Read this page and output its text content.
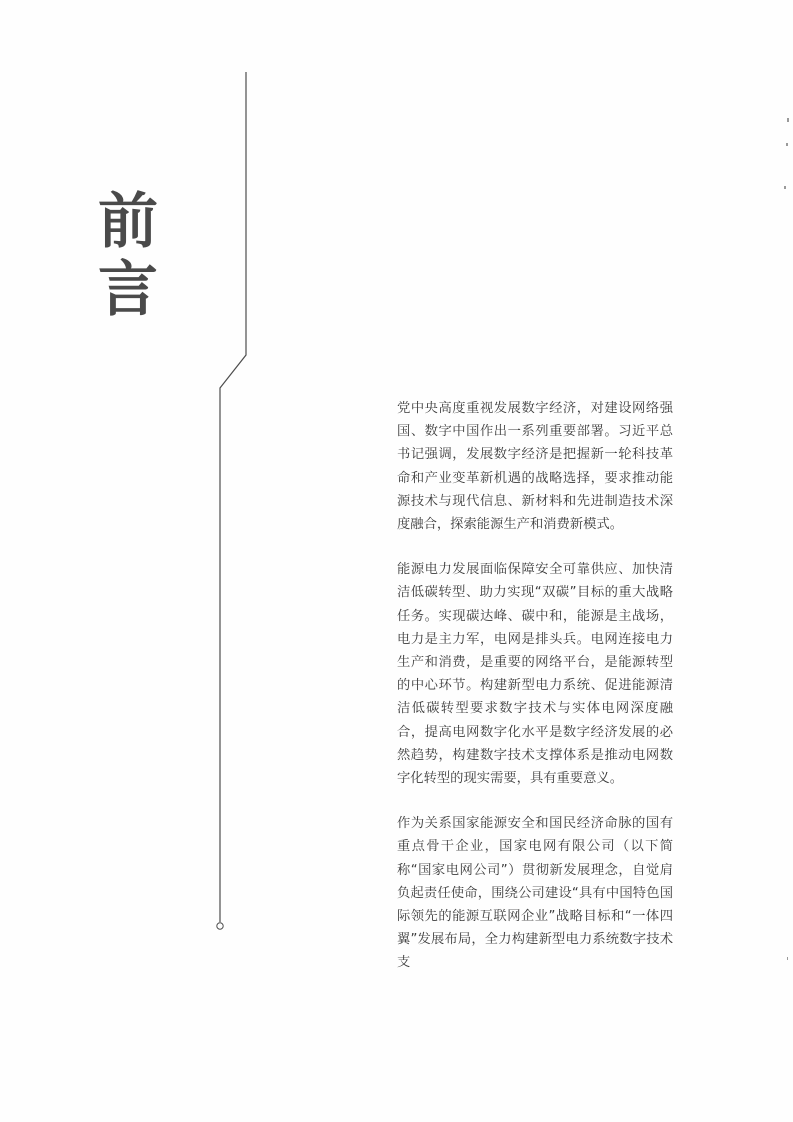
前
言

党中央高度重视发展数字经济，对建设网络强国、数字中国作出一系列重要部署。习近平总书记强调，发展数字经济是把握新一轮科技革命和产业变革新机遇的战略选择，要求推动能源技术与现代信息、新材料和先进制造技术深度融合，探索能源生产和消费新模式。

能源电力发展面临保障安全可靠供应、加快清洁低碳转型、助力实现“双碳”目标的重大战略任务。实现碳达峰、碳中和，能源是主战场，电力是主力军，电网是排头兵。电网连接电力生产和消费，是重要的网络平台，是能源转型的中心环节。构建新型电力系统、促进能源清洁低碳转型要求数字技术与实体电网深度融合，提高电网数字化水平是数字经济发展的必然趋势，构建数字技术支撑体系是推动电网数字化转型的现实需要，具有重要意义。

作为关系国家能源安全和国民经济命脉的国有重点骨干企业，国家电网有限公司（以下简称“国家电网公司”）贯彻新发展理念，自觉肩负起责任使命，围绕公司建设“具有中国特色国际领先的能源互联网企业”战略目标和“一体四翼”发展布局，全力构建新型电力系统数字技术支
